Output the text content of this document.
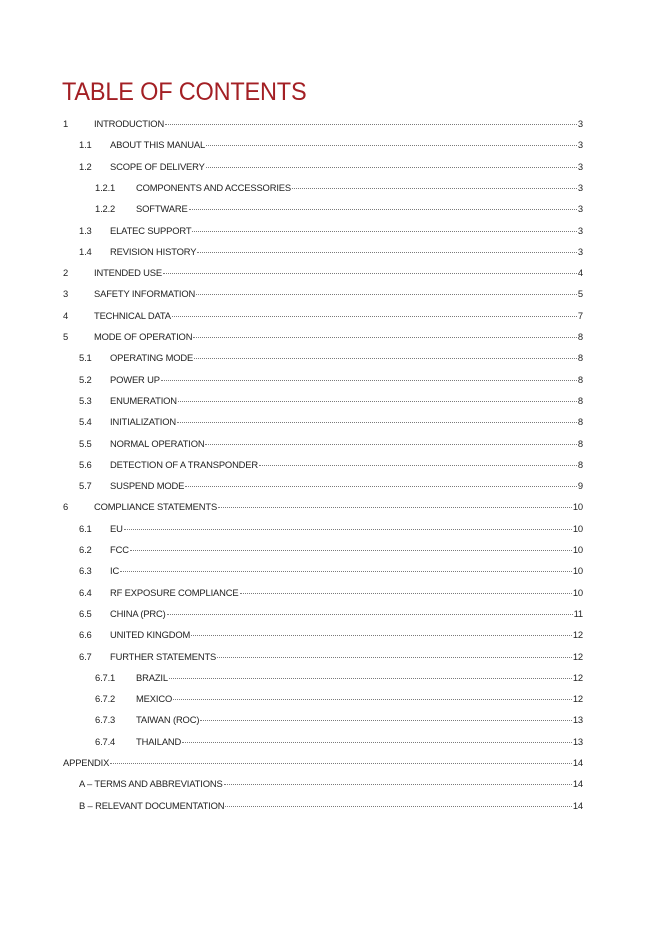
TABLE OF CONTENTS
1	INTRODUCTION	3
1.1	ABOUT THIS MANUAL	3
1.2	SCOPE OF DELIVERY	3
1.2.1	COMPONENTS AND ACCESSORIES	3
1.2.2	SOFTWARE	3
1.3	ELATEC SUPPORT	3
1.4	REVISION HISTORY	3
2	INTENDED USE	4
3	SAFETY INFORMATION	5
4	TECHNICAL DATA	7
5	MODE OF OPERATION	8
5.1	OPERATING MODE	8
5.2	POWER UP	8
5.3	ENUMERATION	8
5.4	INITIALIZATION	8
5.5	NORMAL OPERATION	8
5.6	DETECTION OF A TRANSPONDER	8
5.7	SUSPEND MODE	9
6	COMPLIANCE STATEMENTS	10
6.1	EU	10
6.2	FCC	10
6.3	IC	10
6.4	RF EXPOSURE COMPLIANCE	10
6.5	CHINA (PRC)	11
6.6	UNITED KINGDOM	12
6.7	FURTHER STATEMENTS	12
6.7.1	BRAZIL	12
6.7.2	MEXICO	12
6.7.3	TAIWAN (ROC)	13
6.7.4	THAILAND	13
APPENDIX	14
A – TERMS AND ABBREVIATIONS	14
B – RELEVANT DOCUMENTATION	14
